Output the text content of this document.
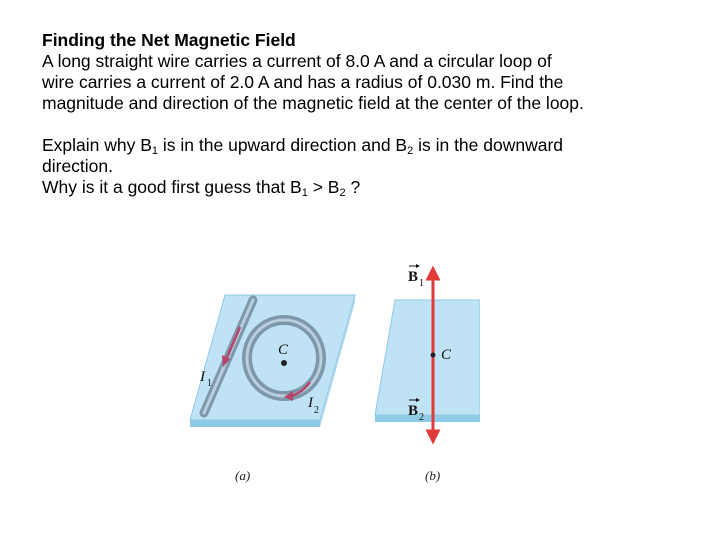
Finding the Net Magnetic Field
A long straight wire carries a current of 8.0 A and a circular loop of
wire carries a current of 2.0 A and has a radius of 0.030 m. Find the
magnitude and direction of the magnetic field at the center of the loop.
Explain why $B_1$ is in the upward direction and $B_2$ is in the downward
direction.
Why is it a good first guess that $B_1 > B_2$ ?
C
I 1
I 2
(a)
C
B 1
B 2
(b)
